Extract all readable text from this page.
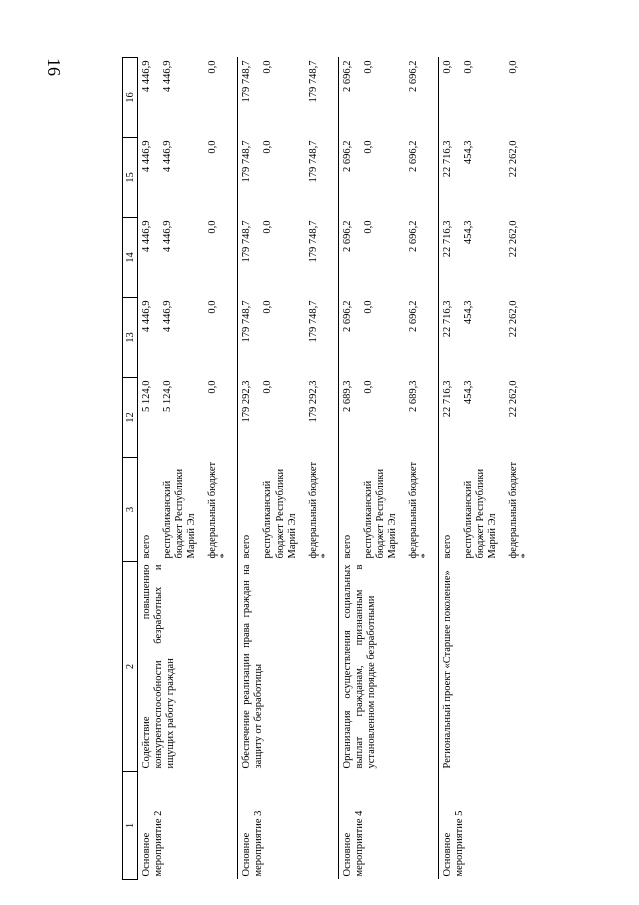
16
1	2	3	12	13	14	15	16
Основное мероприятие 2	Содействие повышению конкурентоспособности безработных и ищущих работу граждан	всего	5 124,0	4 446,9	4 446,9	4 446,9	4 446,9
		республиканский бюджет Республики Марий Эл	5 124,0	4 446,9	4 446,9	4 446,9	4 446,9
		федеральный бюджет *	0,0	0,0	0,0	0,0	0,0
Основное мероприятие 3	Обеспечение реализации права граждан на защиту от безработицы	всего	179 292,3	179 748,7	179 748,7	179 748,7	179 748,7
		республиканский бюджет Республики Марий Эл	0,0	0,0	0,0	0,0	0,0
		федеральный бюджет *	179 292,3	179 748,7	179 748,7	179 748,7	179 748,7
Основное мероприятие 4	Организация осуществления социальных выплат гражданам, признанным в установленном порядке безработными	всего	2 689,3	2 696,2	2 696,2	2 696,2	2 696,2
		республиканский бюджет Республики Марий Эл	0,0	0,0	0,0	0,0	0,0
		федеральный бюджет *	2 689,3	2 696,2	2 696,2	2 696,2	2 696,2
Основное мероприятие 5	Региональный проект «Старшее поколение»	всего	22 716,3	22 716,3	22 716,3	22 716,3	0,0
		республиканский бюджет Республики Марий Эл	454,3	454,3	454,3	454,3	0,0
		федеральный бюджет *	22 262,0	22 262,0	22 262,0	22 262,0	0,0
